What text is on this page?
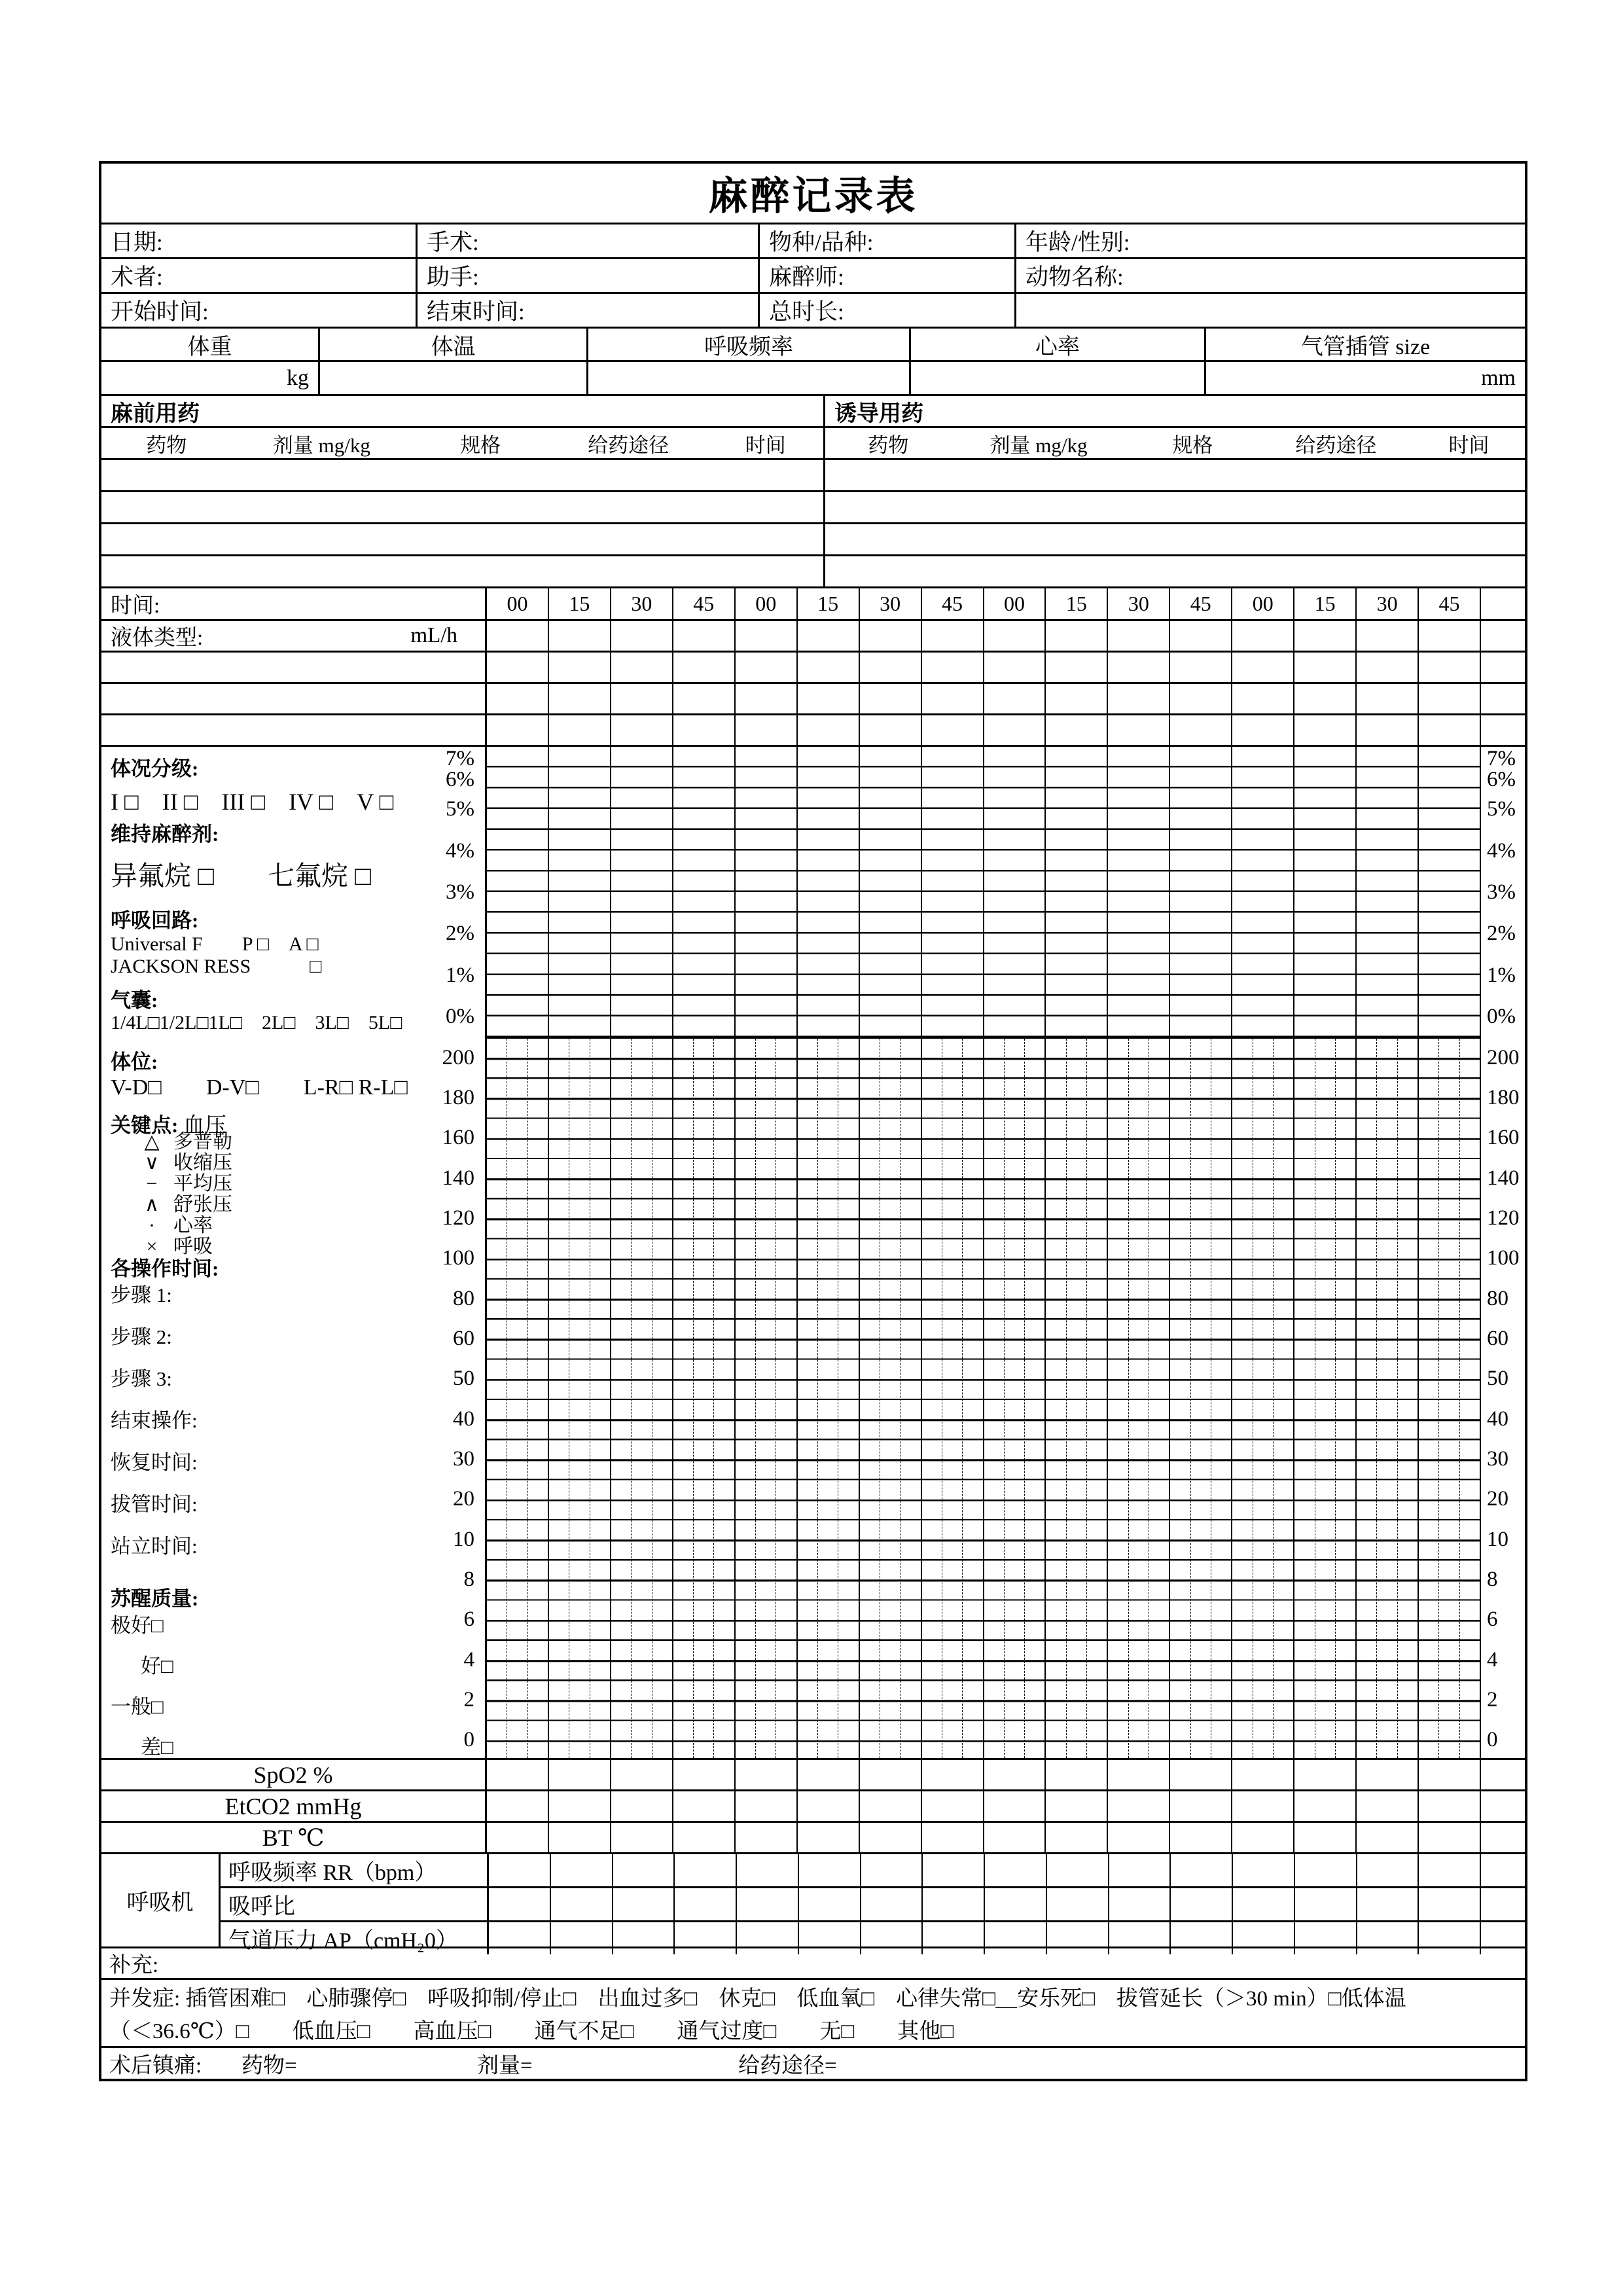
麻醉记录表
日期:	手术:	物种/品种:	年龄/性别:
术者:	助手:	麻醉师:	动物名称:
开始时间:	结束时间:	总时长:
体重	体温	呼吸频率	心率	气管插管 size
kg	mm
麻前用药	诱导用药
药物	剂量 mg/kg	规格	给药途径	时间	药物	剂量 mg/kg	规格	给药途径	时间
时间:	00	15	30	45	00	15	30	45	00	15	30	45	00	15	30	45
液体类型:	mL/h
体况分级:
I □　II □　III □　IV □　V □
维持麻醉剂:
异氟烷 □　　七氟烷 □
呼吸回路:
Universal F　　P □　A □
JACKSON RESS　　　□
气囊:
1/4L□1/2L□1L□　2L□　3L□　5L□
体位:
V-D□　　D-V□　　L-R□ R-L□
关键点: 血压
△ 多普勒
∨ 收缩压
− 平均压
∧ 舒张压
· 心率
× 呼吸
各操作时间:
步骤 1:
步骤 2:
步骤 3:
结束操作:
恢复时间:
拔管时间:
站立时间:
苏醒质量:
极好□
好□
一般□
差□
7%
6%
5%
4%
3%
2%
1%
0%
7%
6%
5%
4%
3%
2%
1%
0%
200
180
160
140
120
100
80
60
50
40
30
20
10
8
6
4
2
0
200
180
160
140
120
100
80
60
50
40
30
20
10
8
6
4
2
0
SpO2 %
EtCO2 mmHg
BT ℃
呼吸机
呼吸频率 RR（bpm）
吸呼比
气道压力 AP（cmH₂0）
补充:
并发症: 插管困难□　心肺骤停□　呼吸抑制/停止□　出血过多□　休克□　低血氧□　心律失常□＿安乐死□　拔管延长（＞30 min）□低体温
（＜36.6℃）□　　低血压□　　高血压□　　通气不足□　　通气过度□　　无□　　其他□
术后镇痛: 药物=	剂量=	给药途径=
